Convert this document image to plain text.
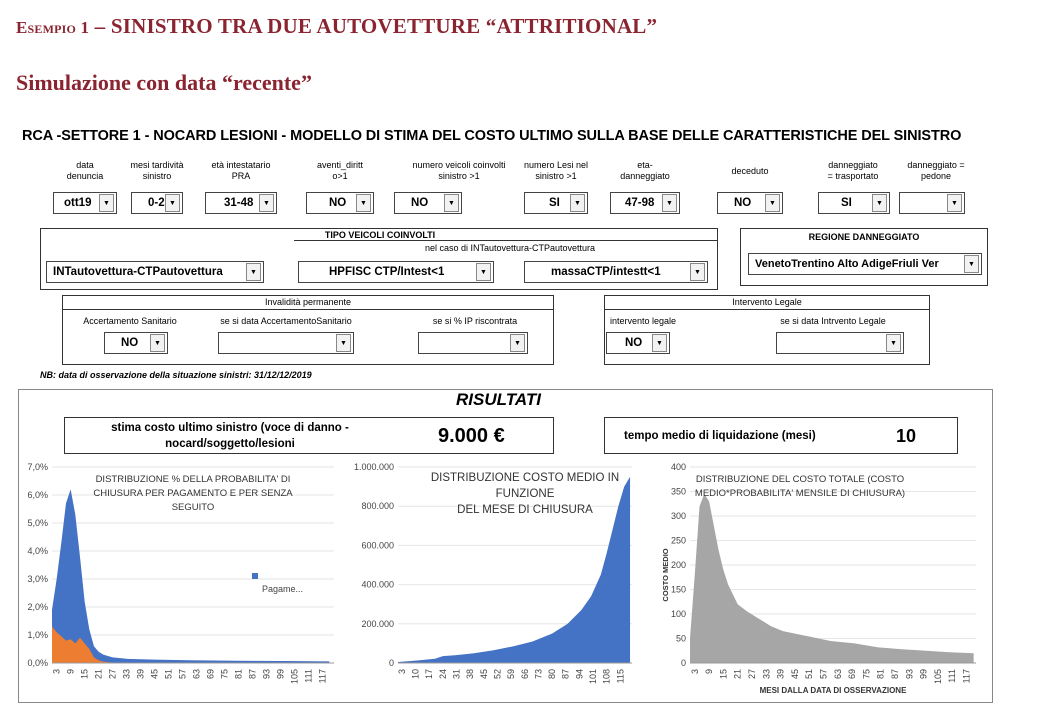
Esempio 1 – SINISTRO TRA DUE AUTOVETTURE “ATTRITIONAL”
Simulazione con data “recente”
RCA -SETTORE 1 - NOCARD LESIONI - MODELLO DI STIMA DEL COSTO ULTIMO SULLA BASE DELLE CARATTERISTICHE DEL SINISTRO
data
denuncia
ott19	▼
mesi tardività
sinistro
0-2 ▼
età intestatario
PRA
31-48	▼
aventi_diritt
o>1
NO	▼
numero veicoli coinvolti
sinistro >1
NO	▼
numero Lesi nel
sinistro >1
SI	▼
eta-
danneggiato
47-98	▼
deceduto
NO	▼
danneggiato
= trasportato
SI	▼
danneggiato =
pedone
▼
TIPO VEICOLI COINVOLTI
nel caso di INTautovettura-CTPautovettura
INTautovettura-CTPautovettura	▼	HPFISC CTP/Intest<1	▼	massaCTP/intestt<1	▼
REGIONE DANNEGGIATO
VenetoTrentino Alto AdigeFriuli Ver	▼
Invalidità permanente
Accertamento Sanitario	se si data AccertamentoSanitario	se si % IP riscontrata
NO	▼	▼	▼
Intervento Legale
intervento legale	se si data Intrvento Legale
NO	▼	▼
NB: data di osservazione della situazione sinistri: 31/12/12/2019
RISULTATI
stima costo ultimo sinistro (voce di danno -
nocard/soggetto/lesioni	9.000 €	tempo medio di liquidazione (mesi)	10
7,0%
6,0%
5,0%
4,0%
3,0%
2,0%
1,0%
0,0%
3 9 15 21 27 33 39 45 51 57 63 69 75 81 87 93 99 105 111 117
DISTRIBUZIONE % DELLA PROBABILITA' DI
CHIUSURA PER PAGAMENTO E PER SENZA
SEGUITO
Pagame...
1.000.000
800.000
600.000
400.000
200.000
0
3 10 17 24 31 38 45 52 59 66 73 80 87 94 101 108 115
DISTRIBUZIONE COSTO MEDIO IN
FUNZIONE
DEL MESE DI CHIUSURA
400
350
300
250
200
150
100
50
0
3 9 15 21 27 33 39 45 51 57 63 69 75 81 87 93 99 105 111 117
DISTRIBUZIONE DEL COSTO TOTALE (COSTO
MEDIO*PROBABILITA' MENSILE DI CHIUSURA)
COSTO MEDIO
MESI DALLA DATA DI OSSERVAZIONE
